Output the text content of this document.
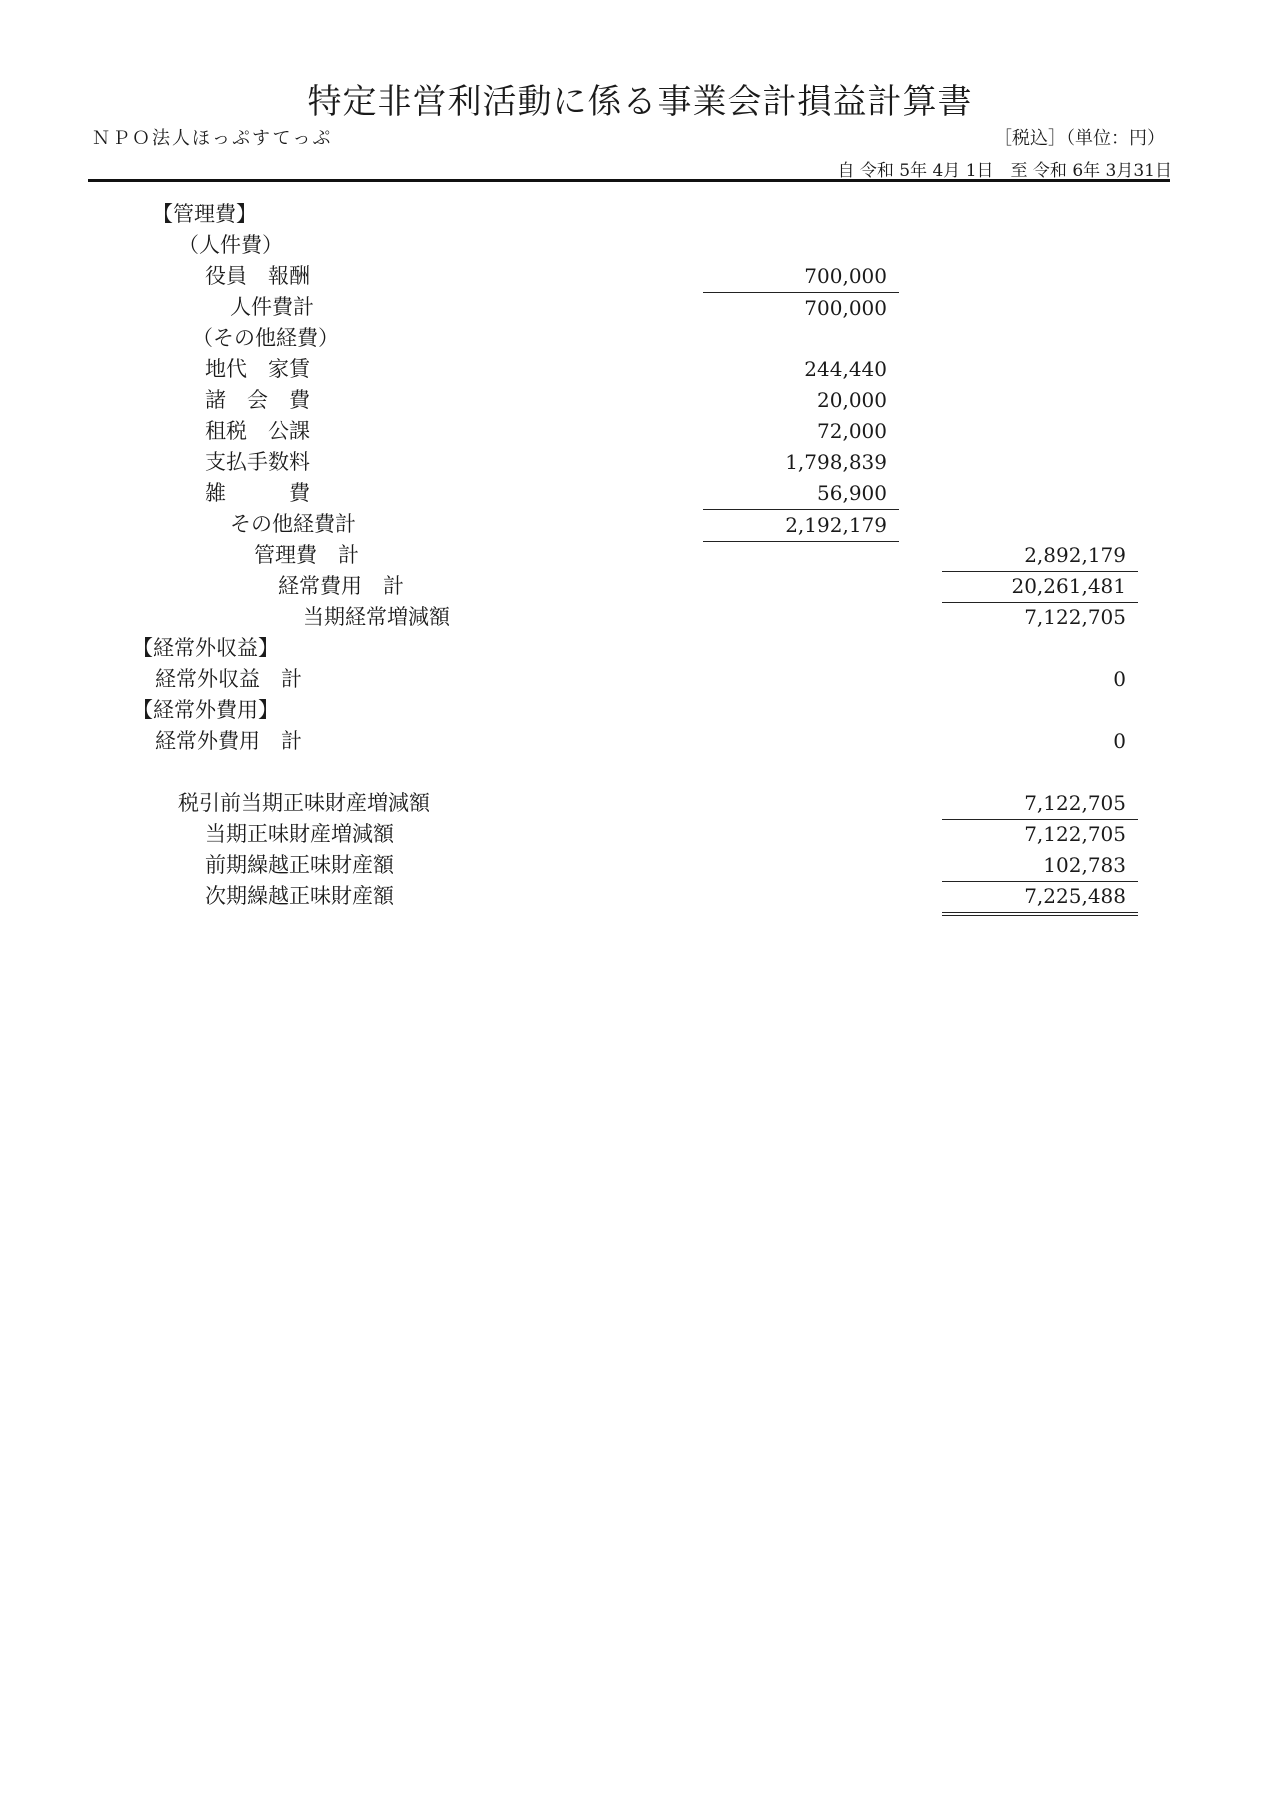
特定非営利活動に係る事業会計損益計算書
ＮＰＯ法人ほっぷすてっぷ	［税込］（単位：円）
自 令和 5年 4月 1日　至 令和 6年 3月31日
【管理費】
（人件費）
役員　報酬	700,000
人件費計	700,000
（その他経費）
地代　家賃	244,440
諸　会　費	20,000
租税　公課	72,000
支払手数料	1,798,839
雑　　　費	56,900
その他経費計	2,192,179
管理費　計	2,892,179
経常費用　計	20,261,481
当期経常増減額	7,122,705
【経常外収益】
経常外収益　計	0
【経常外費用】
経常外費用　計	0
税引前当期正味財産増減額	7,122,705
当期正味財産増減額	7,122,705
前期繰越正味財産額	102,783
次期繰越正味財産額	7,225,488
